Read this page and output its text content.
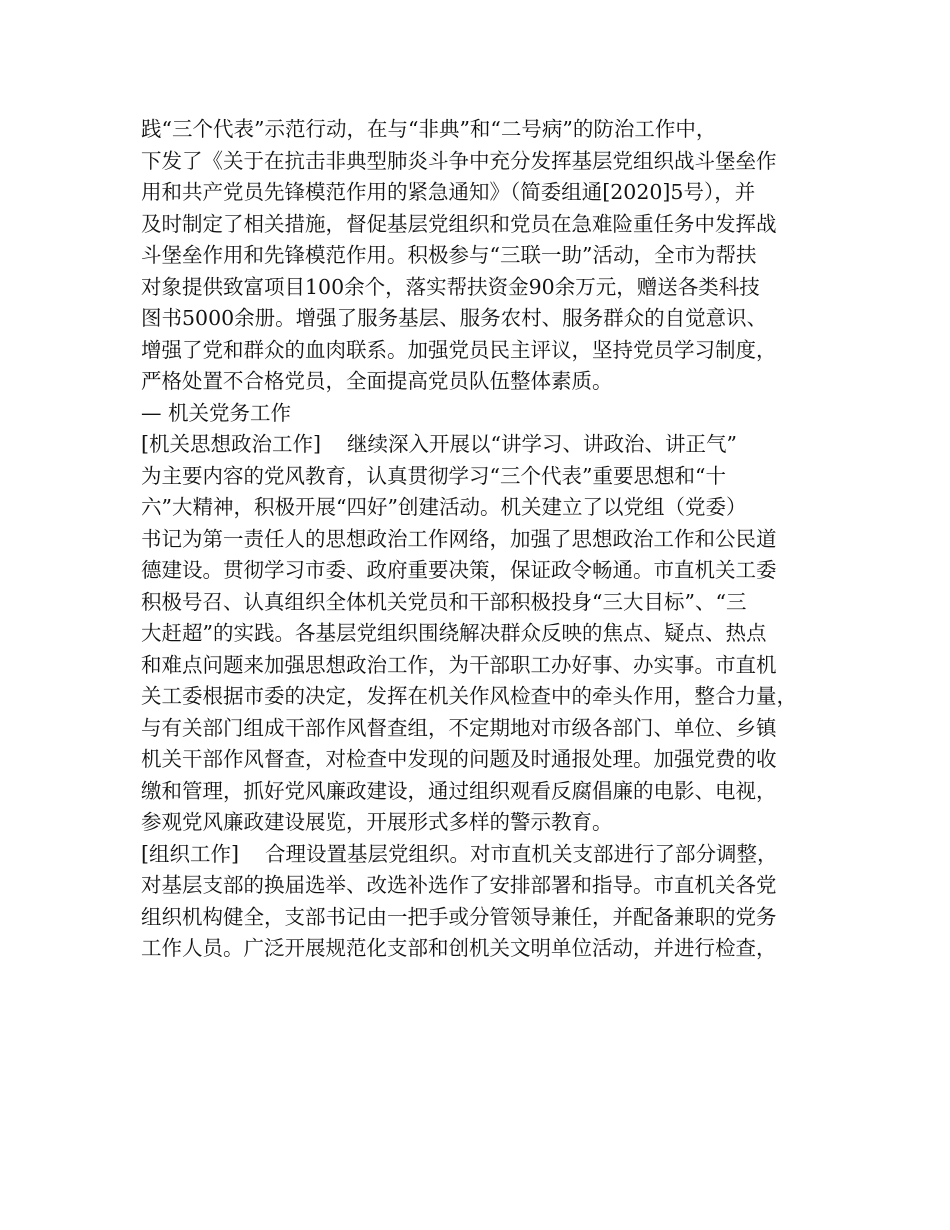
践“三个代表”示范行动，在与“非典”和“二号病”的防治工作中，
下发了《关于在抗击非典型肺炎斗争中充分发挥基层党组织战斗堡垒作
用和共产党员先锋模范作用的紧急通知》（简委组通[2020]5号），并
及时制定了相关措施，督促基层党组织和党员在急难险重任务中发挥战
斗堡垒作用和先锋模范作用。积极参与“三联一助”活动，全市为帮扶
对象提供致富项目100余个，落实帮扶资金90余万元，赠送各类科技
图书5000余册。增强了服务基层、服务农村、服务群众的自觉意识、
增强了党和群众的血肉联系。加强党员民主评议，坚持党员学习制度，
严格处置不合格党员，全面提高党员队伍整体素质。
— 机关党务工作
[机关思想政治工作]    继续深入开展以“讲学习、讲政治、讲正气”
为主要内容的党风教育，认真贯彻学习“三个代表”重要思想和“十
六”大精神，积极开展“四好”创建活动。机关建立了以党组（党委）
书记为第一责任人的思想政治工作网络，加强了思想政治工作和公民道
德建设。贯彻学习市委、政府重要决策，保证政令畅通。市直机关工委
积极号召、认真组织全体机关党员和干部积极投身“三大目标”、“三
大赶超”的实践。各基层党组织围绕解决群众反映的焦点、疑点、热点
和难点问题来加强思想政治工作，为干部职工办好事、办实事。市直机
关工委根据市委的决定，发挥在机关作风检查中的牵头作用，整合力量，
与有关部门组成干部作风督查组，不定期地对市级各部门、单位、乡镇
机关干部作风督查，对检查中发现的问题及时通报处理。加强党费的收
缴和管理，抓好党风廉政建设，通过组织观看反腐倡廉的电影、电视，
参观党风廉政建设展览，开展形式多样的警示教育。
[组织工作]    合理设置基层党组织。对市直机关支部进行了部分调整，
对基层支部的换届选举、改选补选作了安排部署和指导。市直机关各党
组织机构健全，支部书记由一把手或分管领导兼任，并配备兼职的党务
工作人员。广泛开展规范化支部和创机关文明单位活动，并进行检查，
